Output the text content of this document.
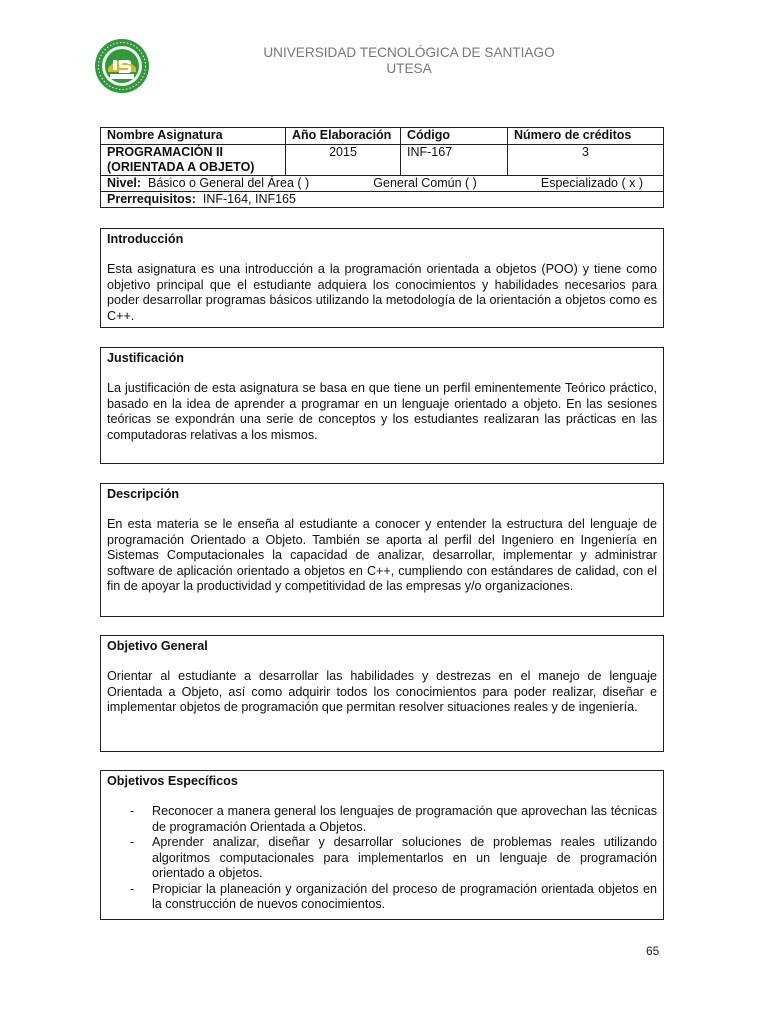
UNIVERSIDAD TECNOLÓGICA DE SANTIAGO
UTESA
Nombre Asignatura	Año Elaboración	Código	Número de créditos
PROGRAMACIÓN II (ORIENTADA A OBJETO)	2015	INF-167	3

Nivel: Básico o General del Área ( ) General Común ( ) Especializado ( x )			

Prerrequisitos: INF-164, INF165			
Introducción

Esta asignatura es una introducción a la programación orientada a objetos (POO) y tiene como objetivo principal que el estudiante adquiera los conocimientos y habilidades necesarios para poder desarrollar programas básicos utilizando la metodología de la orientación a objetos como es C++.

Justificación

La justificación de esta asignatura se basa en que tiene un perfil eminentemente Teórico práctico, basado en la idea de aprender a programar en un lenguaje orientado a objeto. En las sesiones teóricas se expondrán una serie de conceptos y los estudiantes realizaran las prácticas en las computadoras relativas a los mismos.

Descripción

En esta materia se le enseña al estudiante a conocer y entender la estructura del lenguaje de programación Orientado a Objeto. También se aporta al perfil del Ingeniero en Ingeniería en Sistemas Computacionales la capacidad de analizar, desarrollar, implementar y administrar software de aplicación orientado a objetos en C++, cumpliendo con estándares de calidad, con el fin de apoyar la productividad y competitividad de las empresas y/o organizaciones.

Objetivo General

Orientar al estudiante a desarrollar las habilidades y destrezas en el manejo de lenguaje Orientada a Objeto, así como adquirir todos los conocimientos para poder realizar, diseñar e implementar objetos de programación que permitan resolver situaciones reales y de ingeniería.

Objetivos Específicos
- Reconocer a manera general los lenguajes de programación que aprovechan las técnicas de programación Orientada a Objetos.
- Aprender analizar, diseñar y desarrollar soluciones de problemas reales utilizando algoritmos computacionales para implementarlos en un lenguaje de programación orientado a objetos.
- Propiciar la planeación y organización del proceso de programación orientada objetos en la construcción de nuevos conocimientos.
65
